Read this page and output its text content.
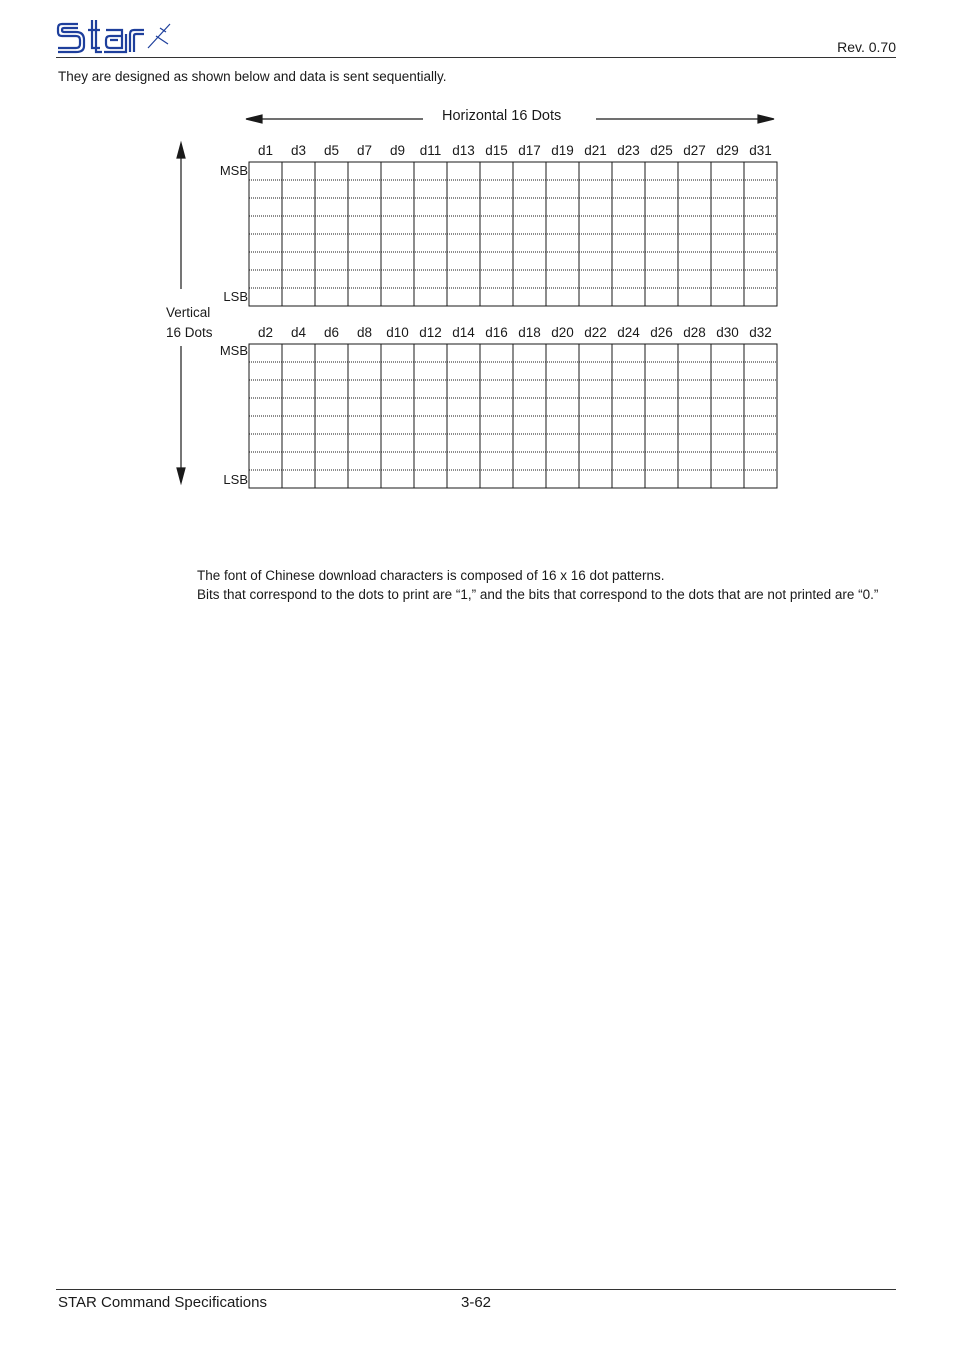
Rev. 0.70
They are designed as shown below and data is sent sequentially.
Horizontal 16 Dots
Vertical
16 Dots
d1	d3	d5	d7	d9	d11 d13 d15 d17 d19 d21 d23 d25 d27 d29 d31
MSB
LSB
d2	d4	d6	d8	d10 d12 d14 d16 d18 d20 d22 d24 d26 d28 d30 d32
MSB
LSB

The font of Chinese download characters is composed of 16 x 16 dot patterns.

Bits that correspond to the dots to print are “1,” and the bits that correspond to the dots that are not printed are “0.”

STAR Command Specifications	3-62
